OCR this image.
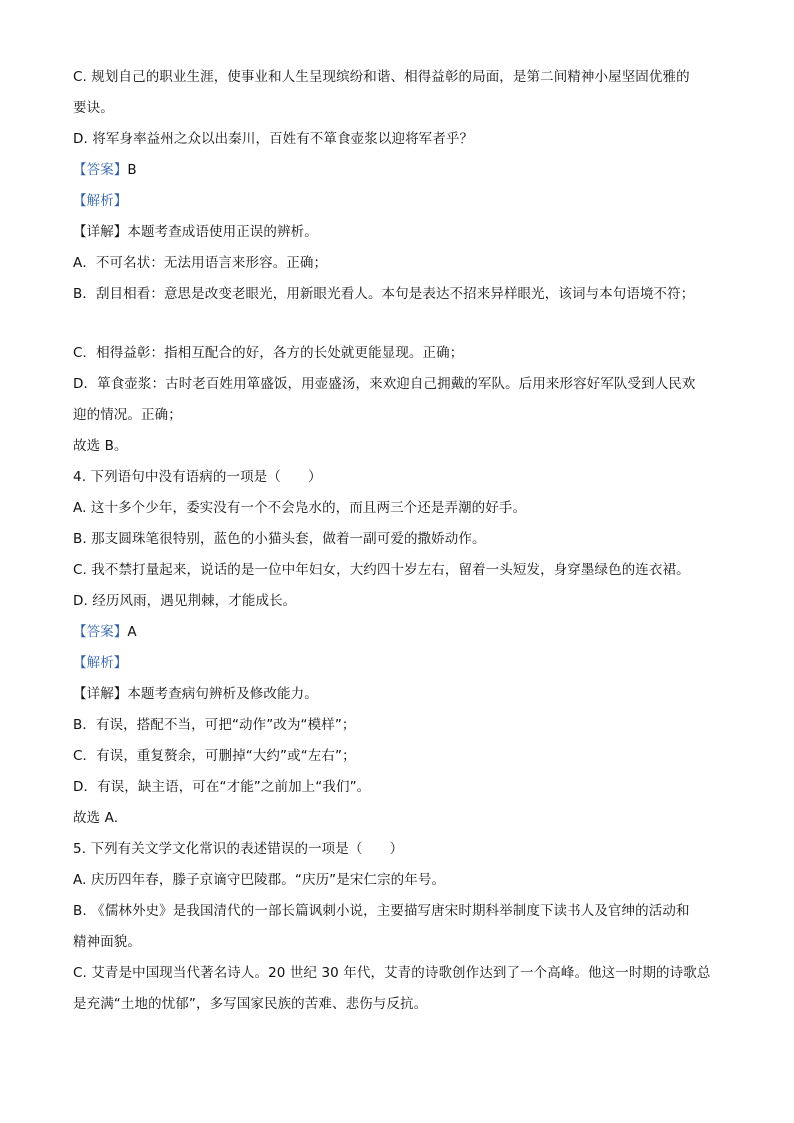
C. 规划自己的职业生涯，使事业和人生呈现缤纷和谐、相得益彰的局面，是第二间精神小屋坚固优雅的
要诀。
D. 将军身率益州之众以出秦川，百姓有不箪食壶浆以迎将军者乎？
【答案】B
【解析】
【详解】本题考查成语使用正误的辨析。
A．不可名状：无法用语言来形容。正确；
B．刮目相看：意思是改变老眼光，用新眼光看人。本句是表达不招来异样眼光，该词与本句语境不符；
C．相得益彰：指相互配合的好，各方的长处就更能显现。正确；
D．箪食壶浆：古时老百姓用箪盛饭，用壶盛汤，来欢迎自己拥戴的军队。后用来形容好军队受到人民欢
迎的情况。正确；
故选 B。
4. 下列语句中没有语病的一项是（　　）
A. 这十多个少年，委实没有一个不会凫水的，而且两三个还是弄潮的好手。
B. 那支圆珠笔很特别，蓝色的小猫头套，做着一副可爱的撒娇动作。
C. 我不禁打量起来，说话的是一位中年妇女，大约四十岁左右，留着一头短发，身穿墨绿色的连衣裙。
D. 经历风雨，遇见荆棘，才能成长。
【答案】A
【解析】
【详解】本题考查病句辨析及修改能力。
B．有误，搭配不当，可把“动作”改为“模样”；
C．有误，重复赘余，可删掉“大约”或“左右”；
D．有误，缺主语，可在“才能”之前加上“我们”。
故选 A.
5. 下列有关文学文化常识的表述错误的一项是（　　）
A. 庆历四年春，滕子京谪守巴陵郡。“庆历”是宋仁宗的年号。
B. 《儒林外史》是我国清代的一部长篇讽刺小说，主要描写唐宋时期科举制度下读书人及官绅的活动和
精神面貌。
C. 艾青是中国现当代著名诗人。20 世纪 30 年代，艾青的诗歌创作达到了一个高峰。他这一时期的诗歌总
是充满“土地的忧郁”，多写国家民族的苦难、悲伤与反抗。
